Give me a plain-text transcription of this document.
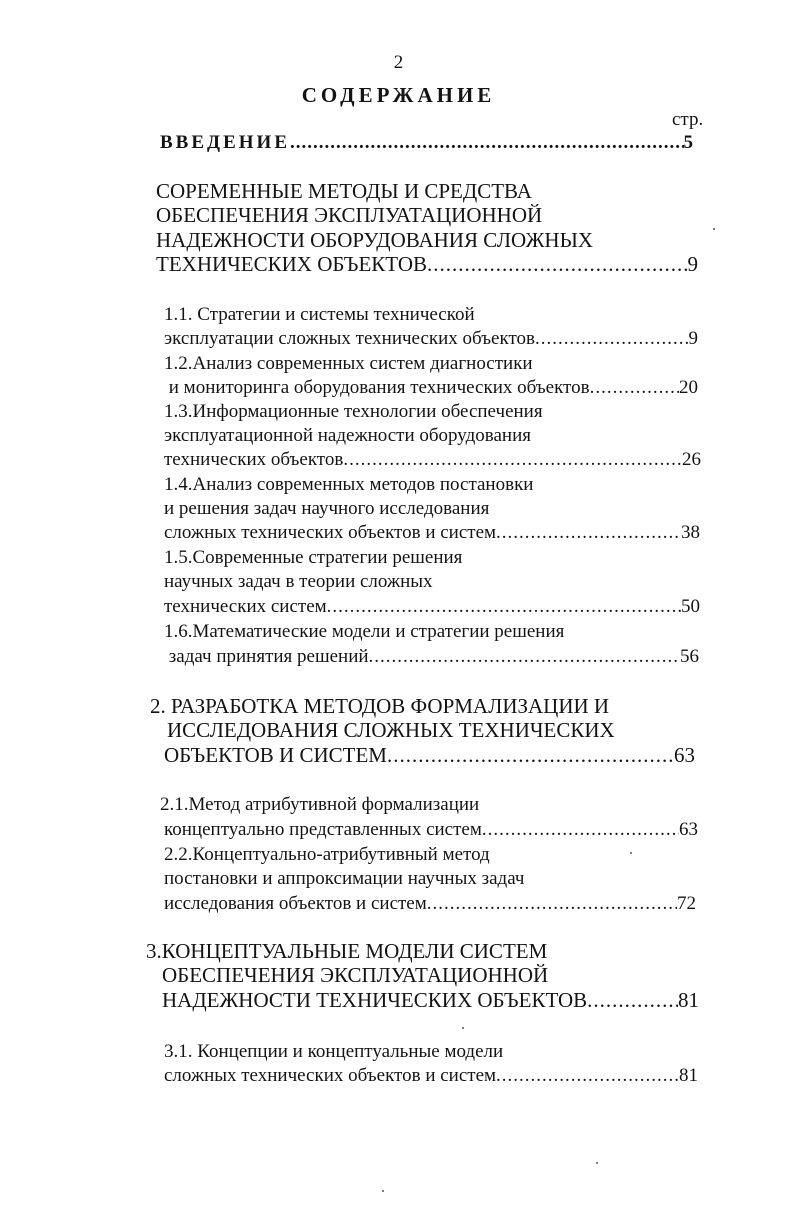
2
СОДЕРЖАНИЕ
стр.
ВВЕДЕНИЕ .....	5
СОРЕМЕННЫЕ МЕТОДЫ И СРЕДСТВА
ОБЕСПЕЧЕНИЯ ЭКСПЛУАТАЦИОННОЙ
НАДЕЖНОСТИ ОБОРУДОВАНИЯ СЛОЖНЫХ
ТЕХНИЧЕСКИХ ОБЪЕКТОВ .....	9
1.1. Стратегии и системы технической
эксплуатации сложных технических объектов .....	9
1.2.Анализ современных систем диагностики
и мониторинга оборудования технических объектов .....	20
1.3.Информационные технологии обеспечения
эксплуатационной надежности оборудования
технических объектов .....	26
1.4.Анализ современных методов постановки
и решения задач научного исследования
сложных технических объектов и систем .....	38
1.5.Современные стратегии решения
научных задач в теории сложных
технических систем .....	50
1.6.Математические модели и стратегии решения
задач принятия решений .....	56
2. РАЗРАБОТКА МЕТОДОВ ФОРМАЛИЗАЦИИ И
ИССЛЕДОВАНИЯ СЛОЖНЫХ ТЕХНИЧЕСКИХ
ОБЪЕКТОВ И СИСТЕМ .....	63
2.1.Метод атрибутивной формализации
концептуально представленных систем .....	63
2.2.Концептуально-атрибутивный метод
постановки и аппроксимации научных задач
исследования объектов и систем .....	72
3.КОНЦЕПТУАЛЬНЫЕ МОДЕЛИ СИСТЕМ
ОБЕСПЕЧЕНИЯ ЭКСПЛУАТАЦИОННОЙ
НАДЕЖНОСТИ ТЕХНИЧЕСКИХ ОБЪЕКТОВ .....	81
3.1. Концепции и концептуальные модели
сложных технических объектов и систем .....	81
